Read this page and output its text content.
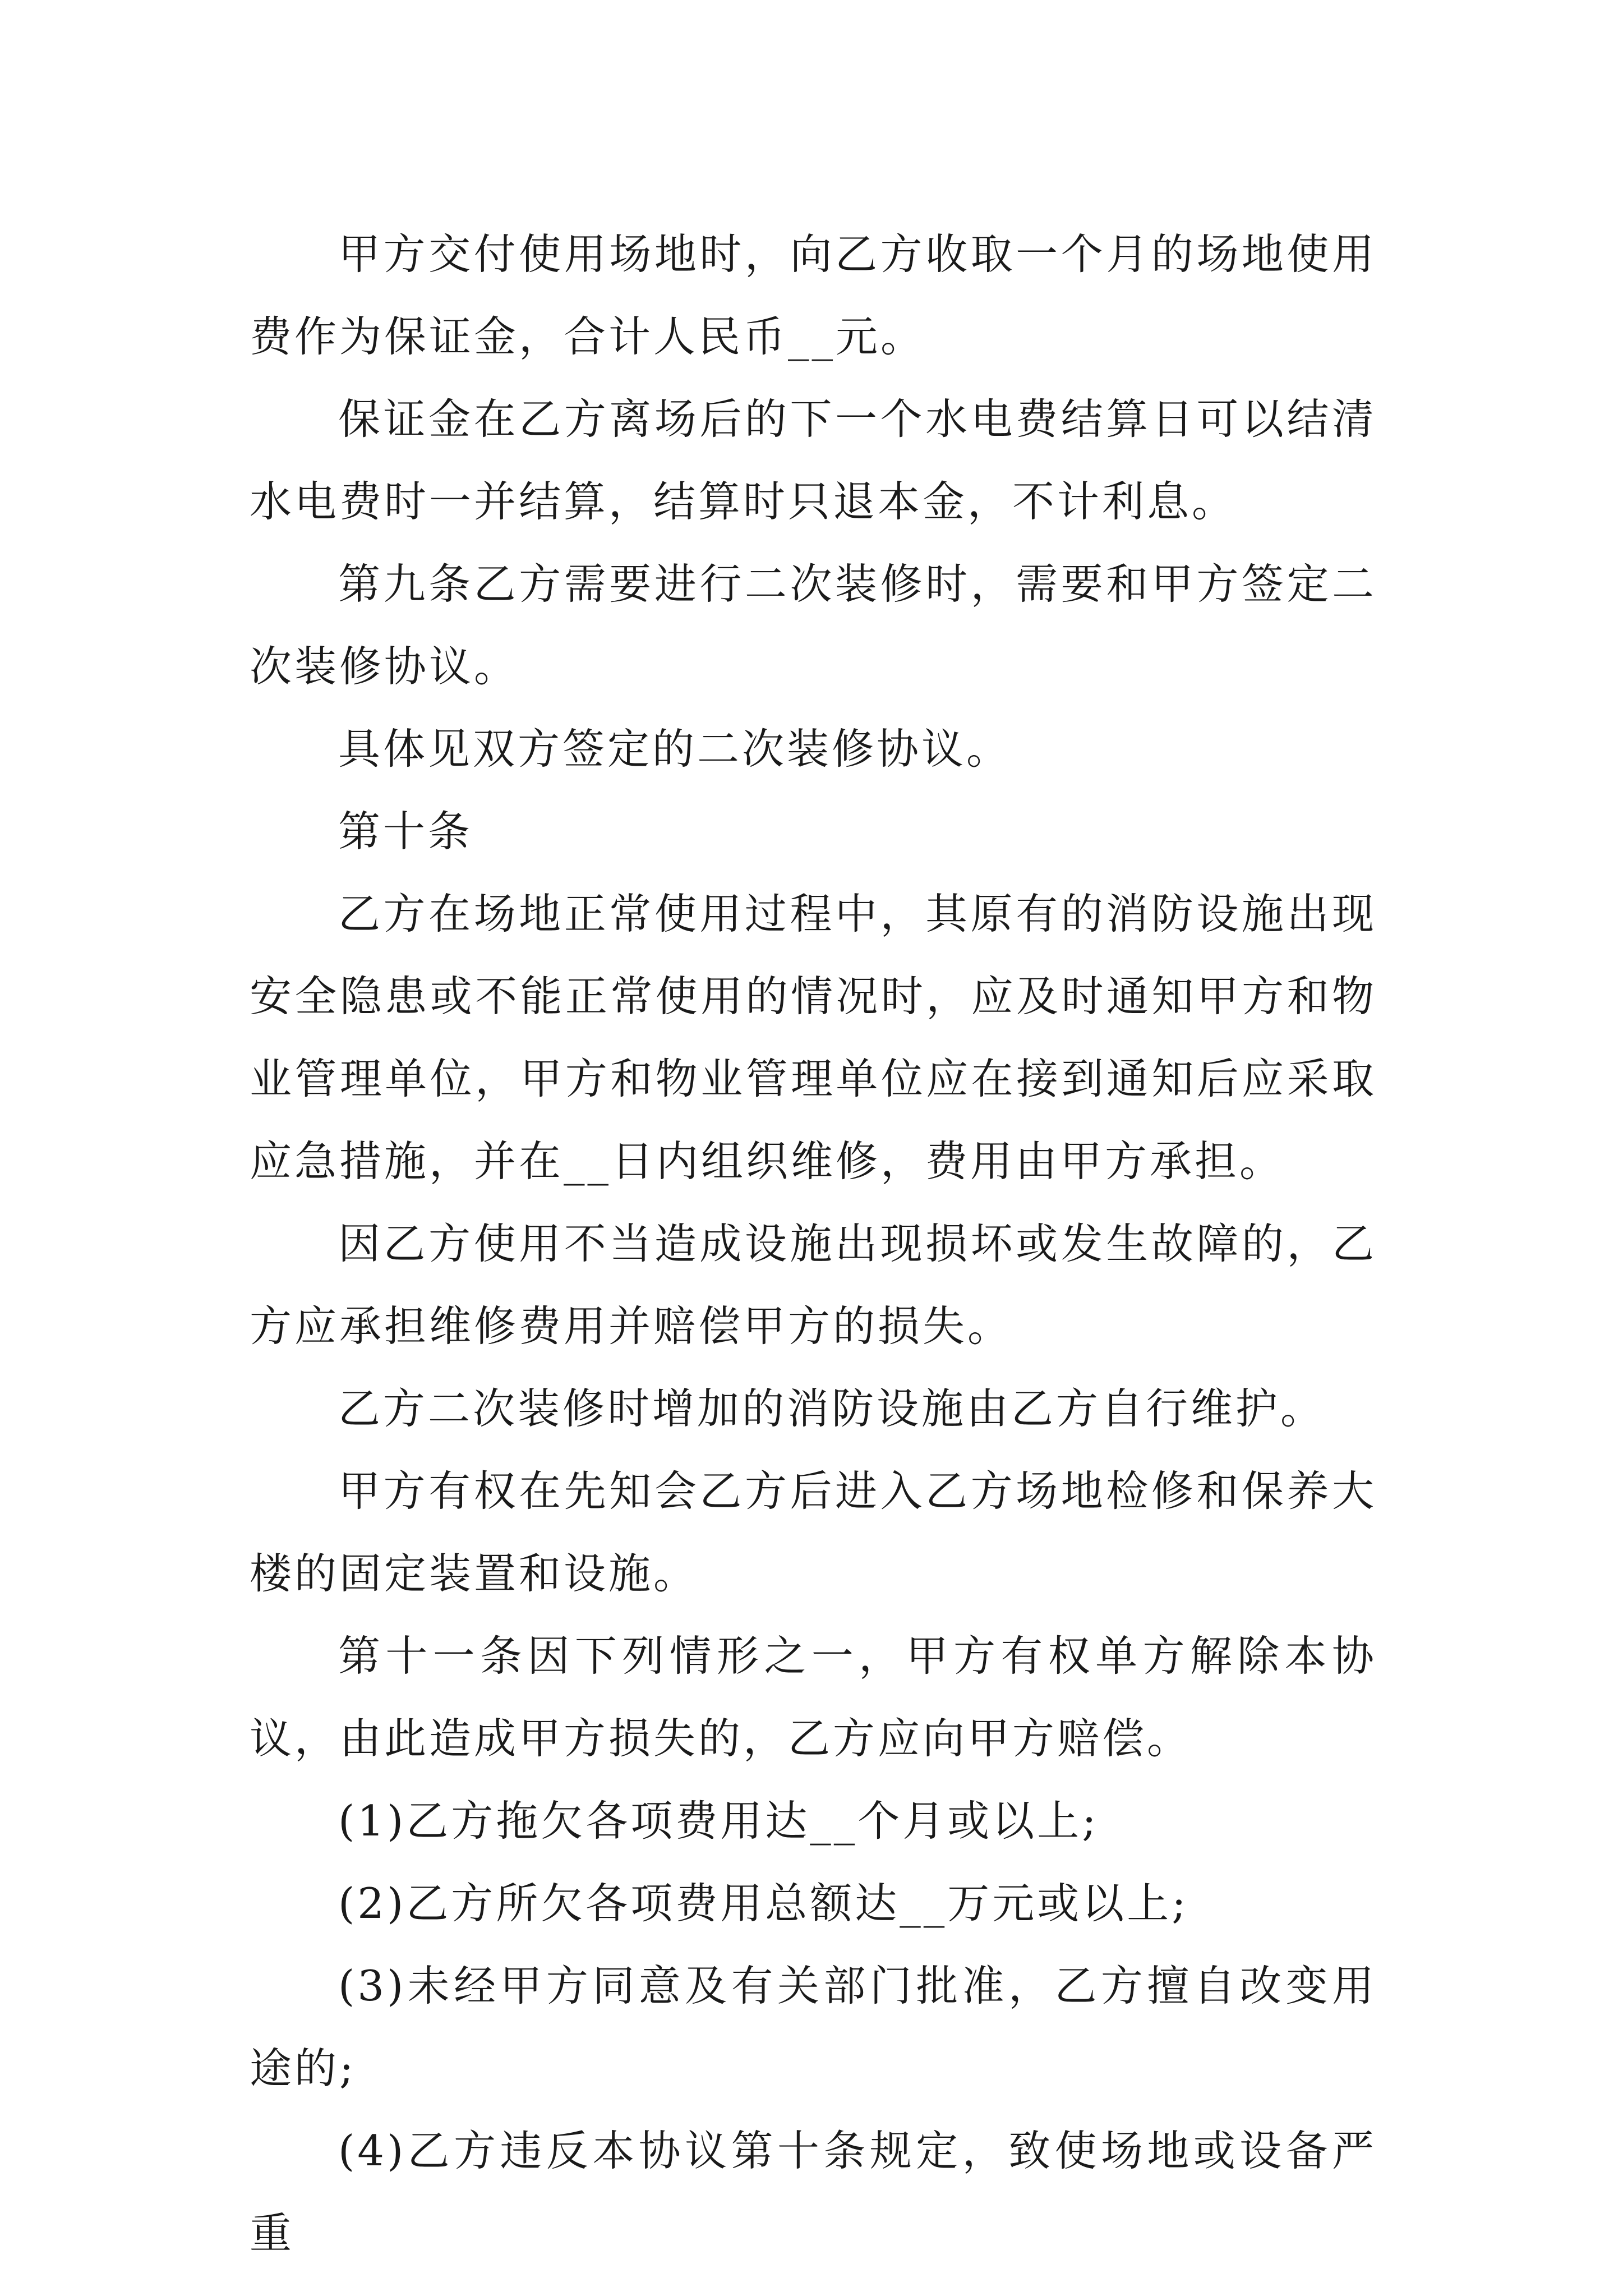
甲方交付使用场地时，向乙方收取一个月的场地使用费作为保证金，合计人民币__元。

保证金在乙方离场后的下一个水电费结算日可以结清水电费时一并结算，结算时只退本金，不计利息。

第九条乙方需要进行二次装修时，需要和甲方签定二次装修协议。

具体见双方签定的二次装修协议。

第十条

乙方在场地正常使用过程中，其原有的消防设施出现安全隐患或不能正常使用的情况时，应及时通知甲方和物业管理单位，甲方和物业管理单位应在接到通知后应采取应急措施，并在__日内组织维修，费用由甲方承担。

因乙方使用不当造成设施出现损坏或发生故障的，乙方应承担维修费用并赔偿甲方的损失。

乙方二次装修时增加的消防设施由乙方自行维护。

甲方有权在先知会乙方后进入乙方场地检修和保养大楼的固定装置和设施。

第十一条因下列情形之一，甲方有权单方解除本协议，由此造成甲方损失的，乙方应向甲方赔偿。

(1)乙方拖欠各项费用达__个月或以上;

(2)乙方所欠各项费用总额达__万元或以上;

(3)未经甲方同意及有关部门批准，乙方擅自改变用途的;

(4)乙方违反本协议第十条规定，致使场地或设备严重
